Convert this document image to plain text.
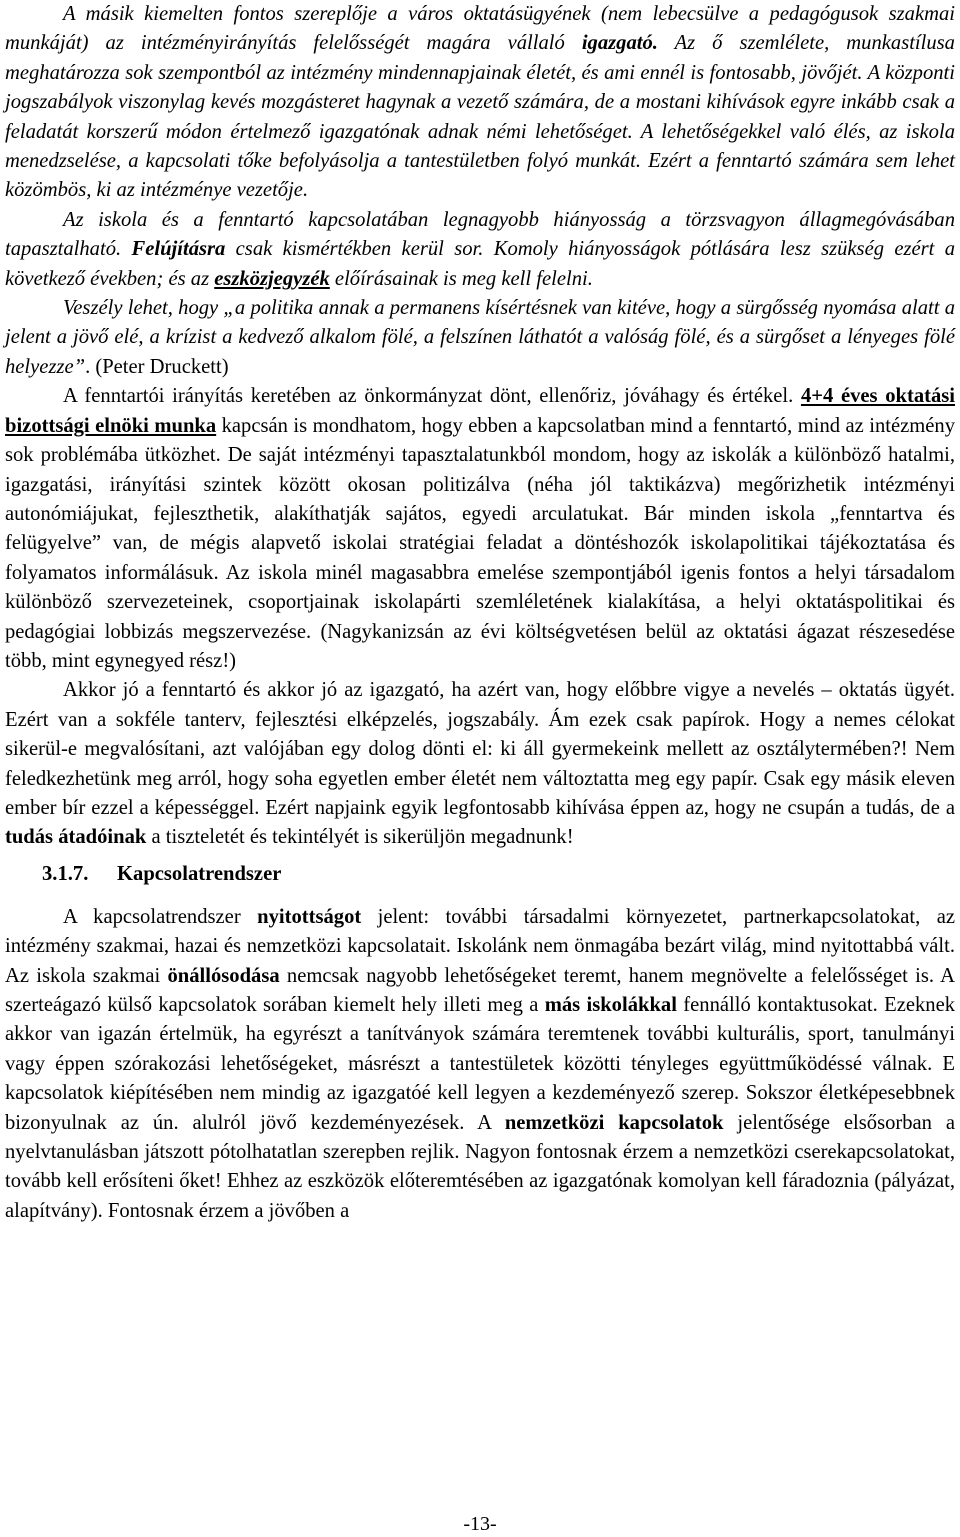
A másik kiemelten fontos szereplője a város oktatásügyének (nem lebecsülve a pedagógusok szakmai munkáját) az intézményirányítás felelősségét magára vállaló igazgató. Az ő szemlélete, munkastílusa meghatározza sok szempontból az intézmény mindennapjainak életét, és ami ennél is fontosabb, jövőjét. A központi jogszabályok viszonylag kevés mozgásteret hagynak a vezető számára, de a mostani kihívások egyre inkább csak a feladatát korszerű módon értelmező igazgatónak adnak némi lehetőséget. A lehetőségekkel való élés, az iskola menedzselése, a kapcsolati tőke befolyásolja a tantestületben folyó munkát. Ezért a fenntartó számára sem lehet közömbös, ki az intézménye vezetője.

Az iskola és a fenntartó kapcsolatában legnagyobb hiányosság a törzsvagyon állagmegóvásában tapasztalható. Felújításra csak kismértékben kerül sor. Komoly hiányosságok pótlására lesz szükség ezért a következő években; és az eszközjegyzék előírásainak is meg kell felelni.

Veszély lehet, hogy „a politika annak a permanens kísértésnek van kitéve, hogy a sürgősség nyomása alatt a jelent a jövő elé, a krízist a kedvező alkalom fölé, a felszínen láthatót a valóság fölé, és a sürgőset a lényeges fölé helyezze”. (Peter Druckett)

A fenntartói irányítás keretében az önkormányzat dönt, ellenőriz, jóváhagy és értékel. 4+4 éves oktatási bizottsági elnöki munka kapcsán is mondhatom, hogy ebben a kapcsolatban mind a fenntartó, mind az intézmény sok problémába ütközhet. De saját intézményi tapasztalatunkból mondom, hogy az iskolák a különböző hatalmi, igazgatási, irányítási szintek között okosan politizálva (néha jól taktikázva) megőrizhetik intézményi autonómiájukat, fejleszthetik, alakíthatják sajátos, egyedi arculatukat. Bár minden iskola „fenntartva és felügyelve” van, de mégis alapvető iskolai stratégiai feladat a döntéshozók iskolapolitikai tájékoztatása és folyamatos informálásuk. Az iskola minél magasabbra emelése szempontjából igenis fontos a helyi társadalom különböző szervezeteinek, csoportjainak iskolapárti szemléletének kialakítása, a helyi oktatáspolitikai és pedagógiai lobbizás megszervezése. (Nagykanizsán az évi költségvetésen belül az oktatási ágazat részesedése több, mint egynegyed rész!)

Akkor jó a fenntartó és akkor jó az igazgató, ha azért van, hogy előbbre vigye a nevelés – oktatás ügyét. Ezért van a sokféle tanterv, fejlesztési elképzelés, jogszabály. Ám ezek csak papírok. Hogy a nemes célokat sikerül-e megvalósítani, azt valójában egy dolog dönti el: ki áll gyermekeink mellett az osztálytermében?! Nem feledkezhetünk meg arról, hogy soha egyetlen ember életét nem változtatta meg egy papír. Csak egy másik eleven ember bír ezzel a képességgel. Ezért napjaink egyik legfontosabb kihívása éppen az, hogy ne csupán a tudás, de a tudás átadóinak a tiszteletét és tekintélyét is sikerüljön megadnunk!

3.1.7. Kapcsolatrendszer

A kapcsolatrendszer nyitottságot jelent: további társadalmi környezetet, partnerkapcsolatokat, az intézmény szakmai, hazai és nemzetközi kapcsolatait. Iskolánk nem önmagába bezárt világ, mind nyitottabbá vált. Az iskola szakmai önállósodása nemcsak nagyobb lehetőségeket teremt, hanem megnövelte a felelősséget is. A szerteágazó külső kapcsolatok sorában kiemelt hely illeti meg a más iskolákkal fennálló kontaktusokat. Ezeknek akkor van igazán értelmük, ha egyrészt a tanítványok számára teremtenek további kulturális, sport, tanulmányi vagy éppen szórakozási lehetőségeket, másrészt a tantestületek közötti tényleges együttműködéssé válnak. E kapcsolatok kiépítésében nem mindig az igazgatóé kell legyen a kezdeményező szerep. Sokszor életképesebbnek bizonyulnak az ún. alulról jövő kezdeményezések. A nemzetközi kapcsolatok jelentősége elsősorban a nyelvtanulásban játszott pótolhatatlan szerepben rejlik. Nagyon fontosnak érzem a nemzetközi cserekapcsolatokat, tovább kell erősíteni őket! Ehhez az eszközök előteremtésében az igazgatónak komolyan kell fáradoznia (pályázat, alapítvány). Fontosnak érzem a jövőben a

-13-
